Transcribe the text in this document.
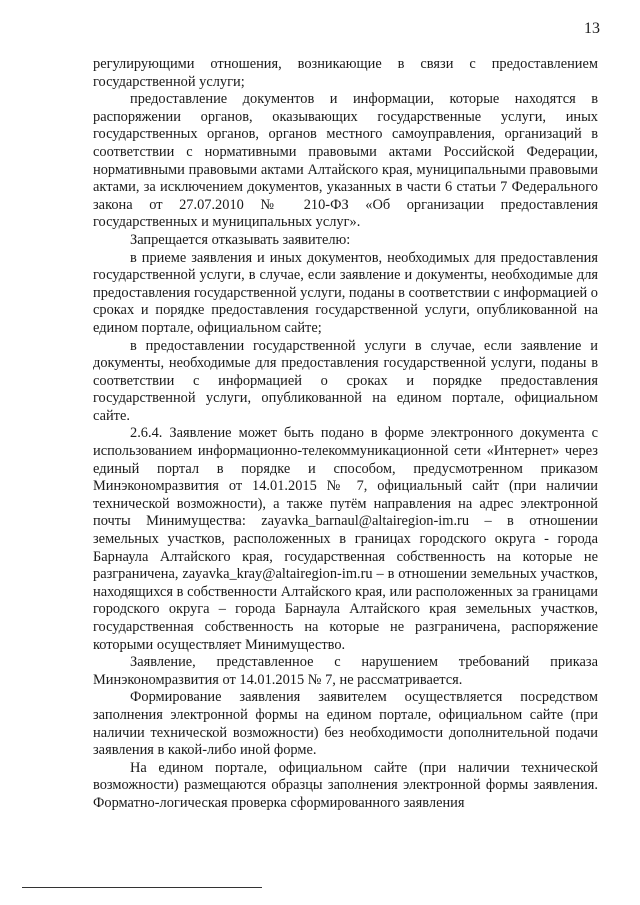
13

регулирующими отношения, возникающие в связи с предоставлением государственной услуги;

предоставление документов и информации, которые находятся в распоряжении органов, оказывающих государственные услуги, иных государственных органов, органов местного самоуправления, организаций в соответствии с нормативными правовыми актами Российской Федерации, нормативными правовыми актами Алтайского края, муниципальными правовыми актами, за исключением документов, указанных в части 6 статьи 7 Федерального закона от 27.07.2010 № 210-ФЗ «Об организации предоставления государственных и муниципальных услуг».

Запрещается отказывать заявителю:

в приеме заявления и иных документов, необходимых для предоставления государственной услуги, в случае, если заявление и документы, необходимые для предоставления государственной услуги, поданы в соответствии с информацией о сроках и порядке предоставления государственной услуги, опубликованной на едином портале, официальном сайте;

в предоставлении государственной услуги в случае, если заявление и документы, необходимые для предоставления государственной услуги, поданы в соответствии с информацией о сроках и порядке предоставления государственной услуги, опубликованной на едином портале, официальном сайте.

2.6.4. Заявление может быть подано в форме электронного документа с использованием информационно-телекоммуникационной сети «Интернет» через единый портал в порядке и способом, предусмотренном приказом Минэкономразвития от 14.01.2015 № 7, официальный сайт (при наличии технической возможности), а также путём направления на адрес электронной почты Минимущества: zayavka_barnaul@altairegion-im.ru – в отношении земельных участков, расположенных в границах городского округа - города Барнаула Алтайского края, государственная собственность на которые не разграничена, zayavka_kray@altairegion-im.ru – в отношении земельных участков, находящихся в собственности Алтайского края, или расположенных за границами городского округа – города Барнаула Алтайского края земельных участков, государственная собственность на которые не разграничена, распоряжение которыми осуществляет Минимущество.

Заявление, представленное с нарушением требований приказа Минэкономразвития от 14.01.2015 № 7, не рассматривается.

Формирование заявления заявителем осуществляется посредством заполнения электронной формы на едином портале, официальном сайте (при наличии технической возможности) без необходимости дополнительной подачи заявления в какой-либо иной форме.

На едином портале, официальном сайте (при наличии технической возможности) размещаются образцы заполнения электронной формы заявления. Форматно-логическая проверка сформированного заявления
